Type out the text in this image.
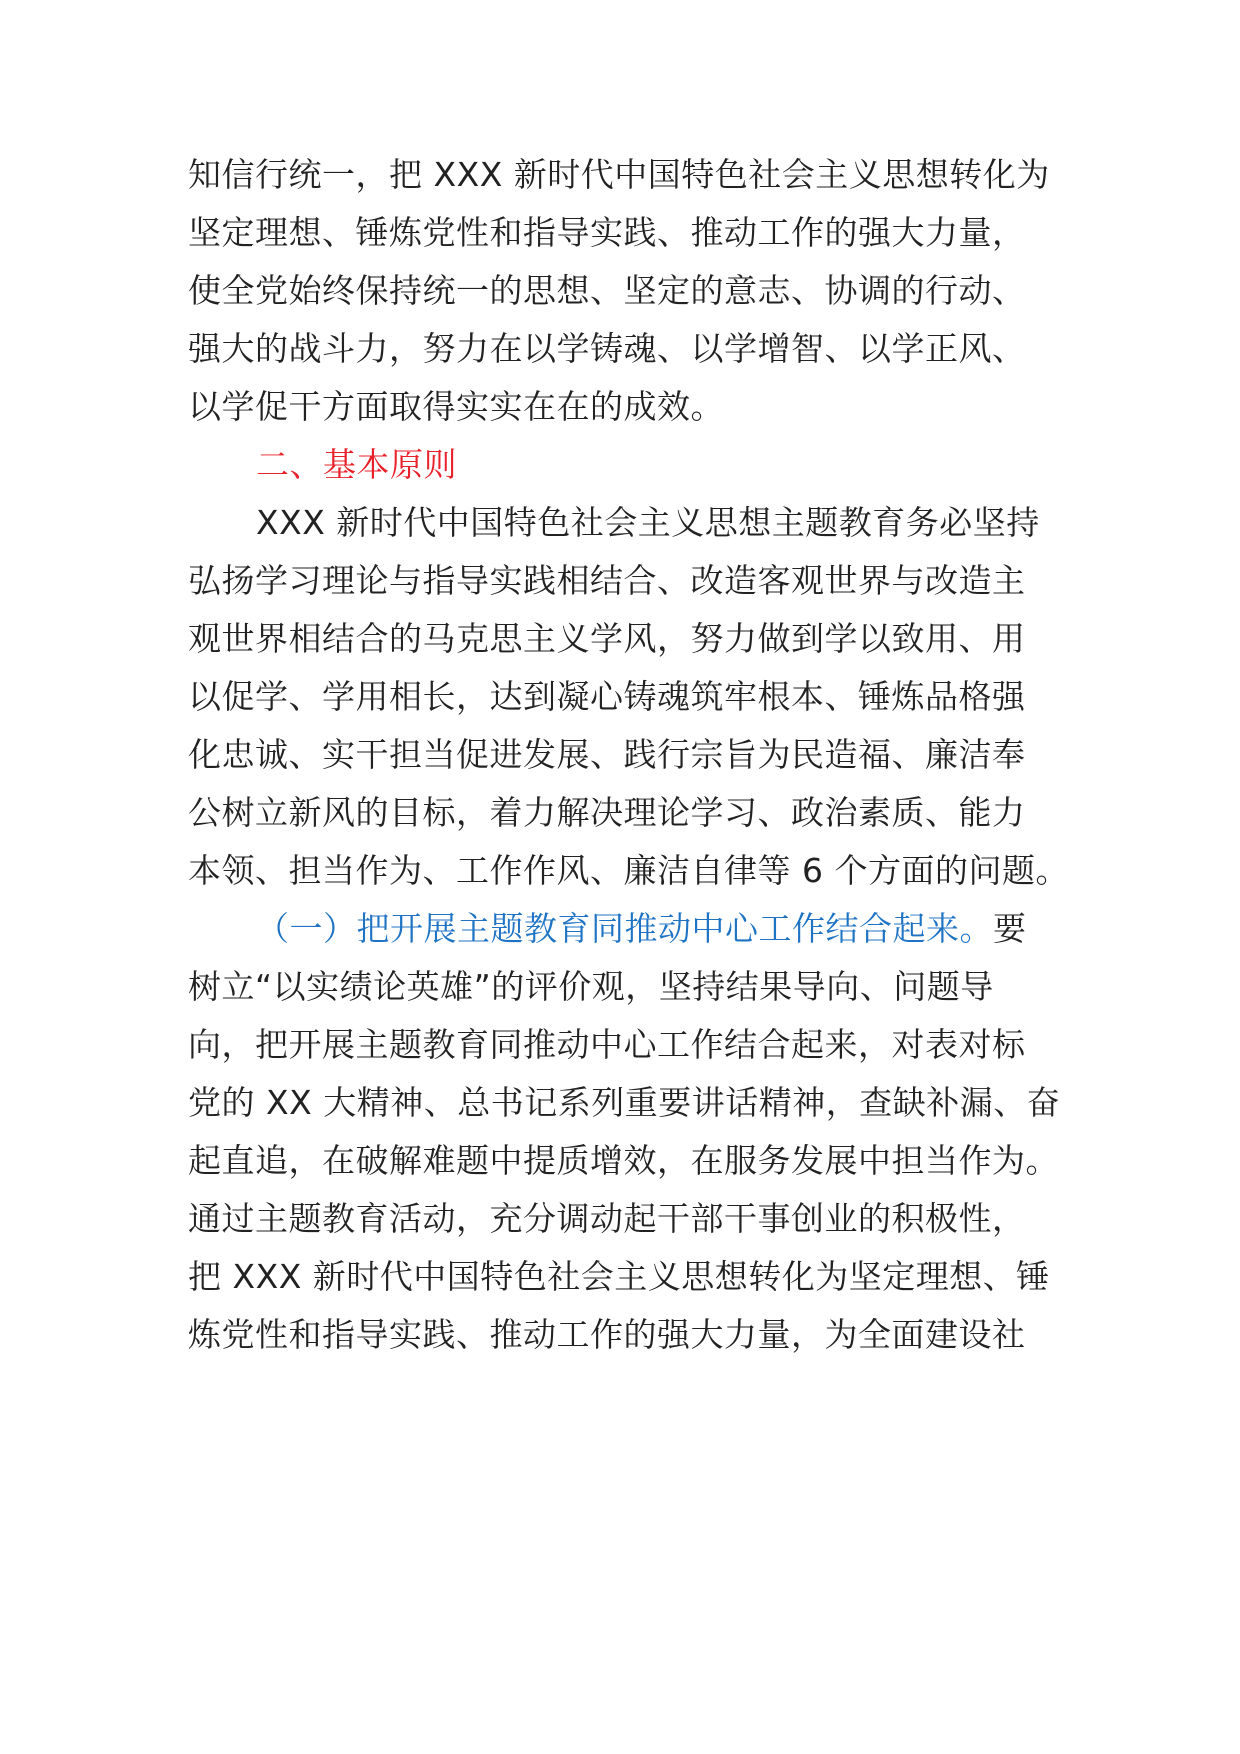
知信行统一，把 XXX 新时代中国特色社会主义思想转化为
坚定理想、锤炼党性和指导实践、推动工作的强大力量，
使全党始终保持统一的思想、坚定的意志、协调的行动、
强大的战斗力，努力在以学铸魂、以学增智、以学正风、
以学促干方面取得实实在在的成效。
二、基本原则
XXX 新时代中国特色社会主义思想主题教育务必坚持
弘扬学习理论与指导实践相结合、改造客观世界与改造主
观世界相结合的马克思主义学风，努力做到学以致用、用
以促学、学用相长，达到凝心铸魂筑牢根本、锤炼品格强
化忠诚、实干担当促进发展、践行宗旨为民造福、廉洁奉
公树立新风的目标，着力解决理论学习、政治素质、能力
本领、担当作为、工作作风、廉洁自律等 6 个方面的问题。
（一）把开展主题教育同推动中心工作结合起来。要
树立“以实绩论英雄”的评价观，坚持结果导向、问题导
向，把开展主题教育同推动中心工作结合起来，对表对标
党的 XX 大精神、总书记系列重要讲话精神，查缺补漏、奋
起直追，在破解难题中提质增效，在服务发展中担当作为。
通过主题教育活动，充分调动起干部干事创业的积极性，
把 XXX 新时代中国特色社会主义思想转化为坚定理想、锤
炼党性和指导实践、推动工作的强大力量，为全面建设社
